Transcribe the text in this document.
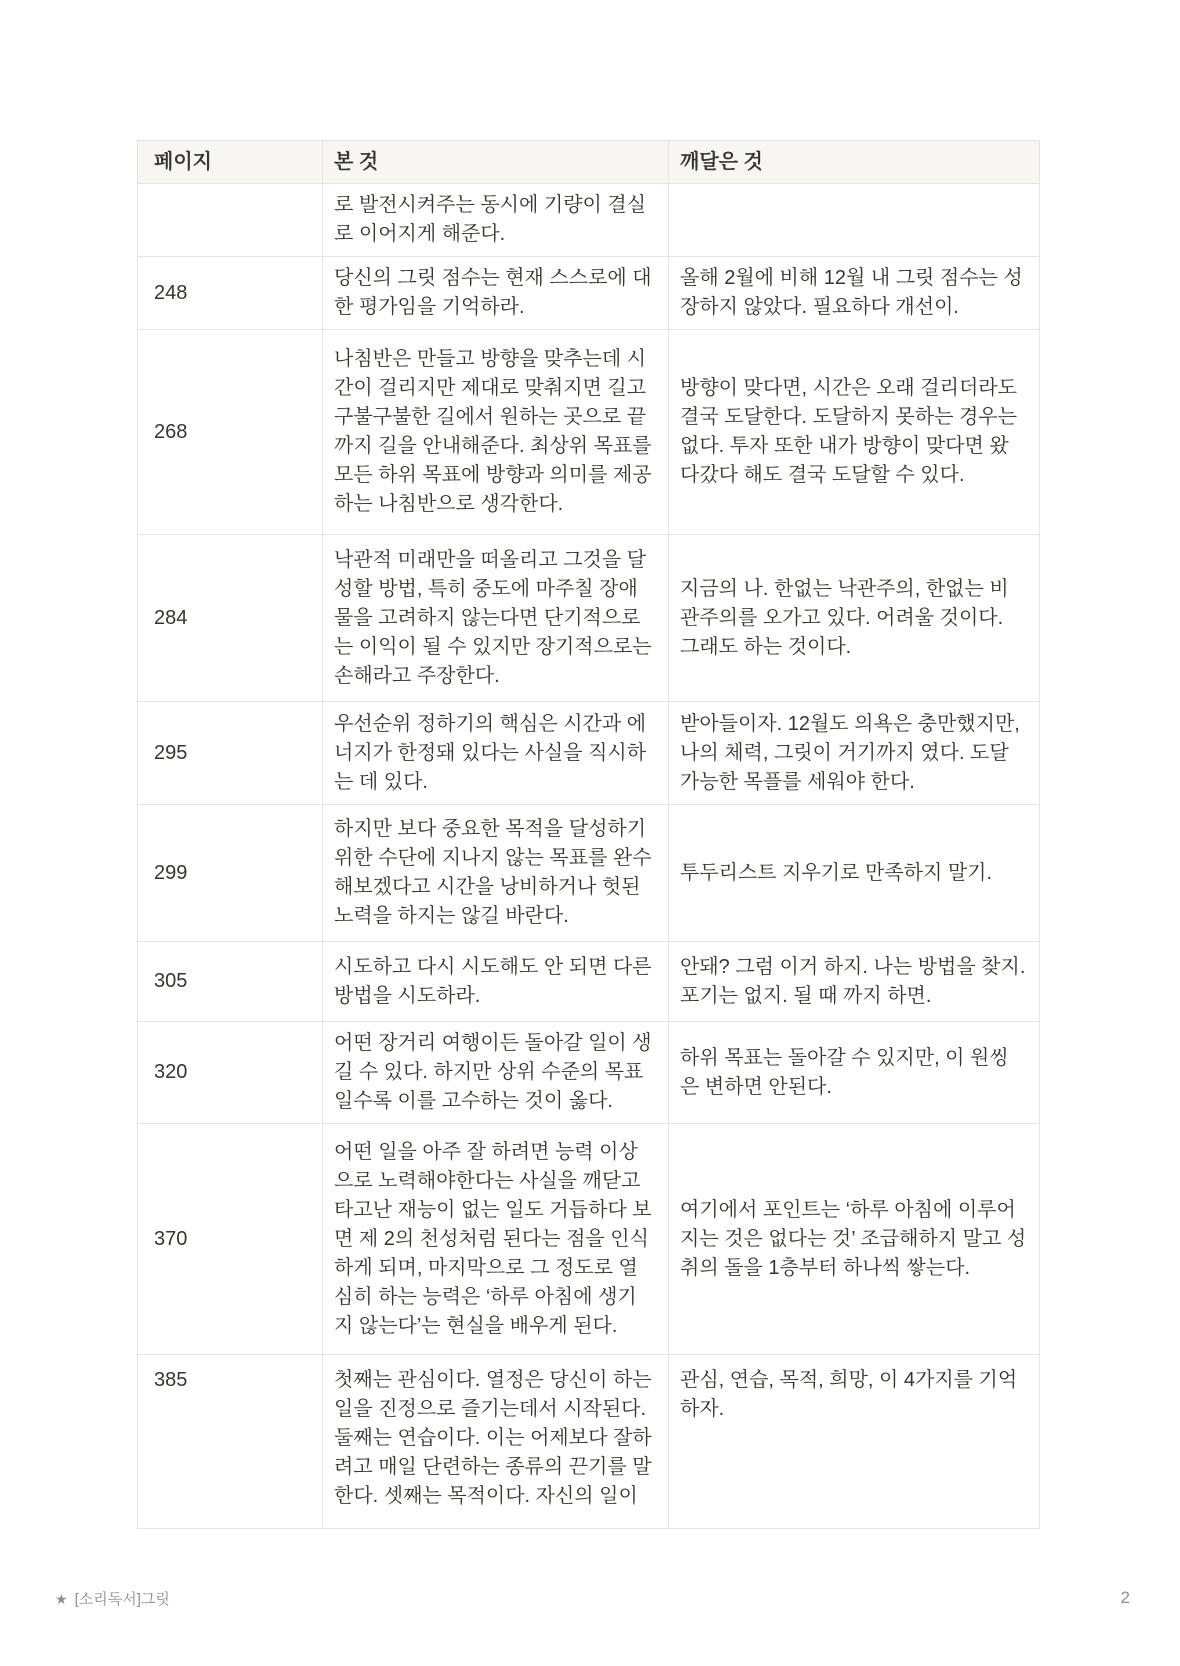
페이지	본 것	깨달은 것
	로 발전시켜주는 동시에 기량이 결실로 이어지게 해준다.	
248	당신의 그릿 점수는 현재 스스로에 대한 평가임을 기억하라.	올해 2월에 비해 12월 내 그릿 점수는 성장하지 않았다. 필요하다 개선이.
268	나침반은 만들고 방향을 맞추는데 시간이 걸리지만 제대로 맞춰지면 길고 구불구불한 길에서 원하는 곳으로 끝까지 길을 안내해준다. 최상위 목표를 모든 하위 목표에 방향과 의미를 제공하는 나침반으로 생각한다.	방향이 맞다면, 시간은 오래 걸리더라도 결국 도달한다. 도달하지 못하는 경우는 없다. 투자 또한 내가 방향이 맞다면 왔다갔다 해도 결국 도달할 수 있다.
284	낙관적 미래만을 떠올리고 그것을 달성할 방법, 특히 중도에 마주칠 장애물을 고려하지 않는다면 단기적으로는 이익이 될 수 있지만 장기적으로는 손해라고 주장한다.	지금의 나. 한없는 낙관주의, 한없는 비관주의를 오가고 있다. 어려울 것이다. 그래도 하는 것이다.
295	우선순위 정하기의 핵심은 시간과 에너지가 한정돼 있다는 사실을 직시하는 데 있다.	받아들이자. 12월도 의욕은 충만했지만, 나의 체력, 그릿이 거기까지 였다. 도달 가능한 목플를 세워야 한다.
299	하지만 보다 중요한 목적을 달성하기 위한 수단에 지나지 않는 목표를 완수해보겠다고 시간을 낭비하거나 헛된 노력을 하지는 않길 바란다.	투두리스트 지우기로 만족하지 말기.
305	시도하고 다시 시도해도 안 되면 다른 방법을 시도하라.	안돼? 그럼 이거 하지. 나는 방법을 찾지. 포기는 없지. 될 때 까지 하면.
320	어떤 장거리 여행이든 돌아갈 일이 생길 수 있다. 하지만 상위 수준의 목표일수록 이를 고수하는 것이 옳다.	하위 목표는 돌아갈 수 있지만, 이 원씽은 변하면 안된다.
370	어떤 일을 아주 잘 하려면 능력 이상으로 노력해야한다는 사실을 깨닫고 타고난 재능이 없는 일도 거듭하다 보면 제 2의 천성처럼 된다는 점을 인식하게 되며, 마지막으로 그 정도로 열심히 하는 능력은 ‘하루 아침에 생기지 않는다’는 현실을 배우게 된다.	여기에서 포인트는 ‘하루 아침에 이루어지는 것은 없다는 것’ 조급해하지 말고 성취의 돌을 1층부터 하나씩 쌓는다.
385	첫째는 관심이다. 열정은 당신이 하는 일을 진정으로 즐기는데서 시작된다. 둘째는 연습이다. 이는 어제보다 잘하려고 매일 단련하는 종류의 끈기를 말한다. 셋째는 목적이다. 자신의 일이	관심, 연습, 목적, 희망, 이 4가지를 기억하자.
★ [소리독서]그릿	2
